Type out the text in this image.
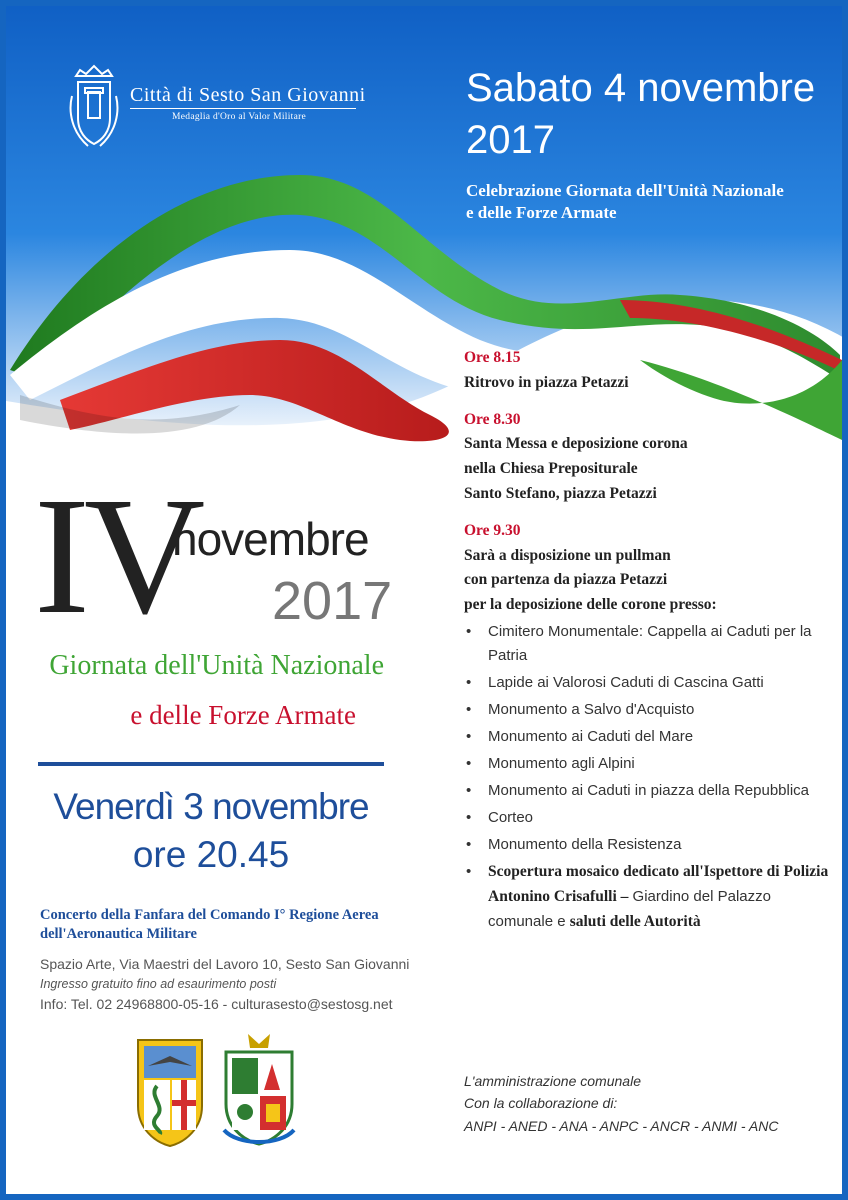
Città di Sesto San Giovanni
Medaglia d'Oro al Valor Militare
Sabato 4 novembre
2017
Celebrazione Giornata dell'Unità Nazionale
e delle Forze Armate
IV
novembre
2017
Giornata dell'Unità Nazionale
e delle Forze Armate
Venerdì 3 novembre
ore 20.45
Concerto della Fanfara del Comando I° Regione Aerea
dell'Aeronautica Militare
Spazio Arte, Via Maestri del Lavoro 10, Sesto San Giovanni
Ingresso gratuito fino ad esaurimento posti
Info: Tel. 02 24968800-05-16 - culturasesto@sestosg.net
Ore 8.15
Ritrovo in piazza Petazzi
Ore 8.30
Santa Messa e deposizione corona
nella Chiesa Prepositurale
Santo Stefano, piazza Petazzi
Ore 9.30
Sarà a disposizione un pullman
con partenza da piazza Petazzi
per la deposizione delle corone presso:
• Cimitero Monumentale: Cappella ai Caduti per la Patria
• Lapide ai Valorosi Caduti di Cascina Gatti
• Monumento a Salvo d'Acquisto
• Monumento ai Caduti del Mare
• Monumento agli Alpini
• Monumento ai Caduti in piazza della Repubblica
• Corteo
• Monumento della Resistenza
• Scopertura mosaico dedicato all'Ispettore di Polizia Antonino Crisafulli – Giardino del Palazzo comunale e saluti delle Autorità
L'amministrazione comunale
Con la collaborazione di:
ANPI - ANED - ANA - ANPC - ANCR - ANMI - ANC
